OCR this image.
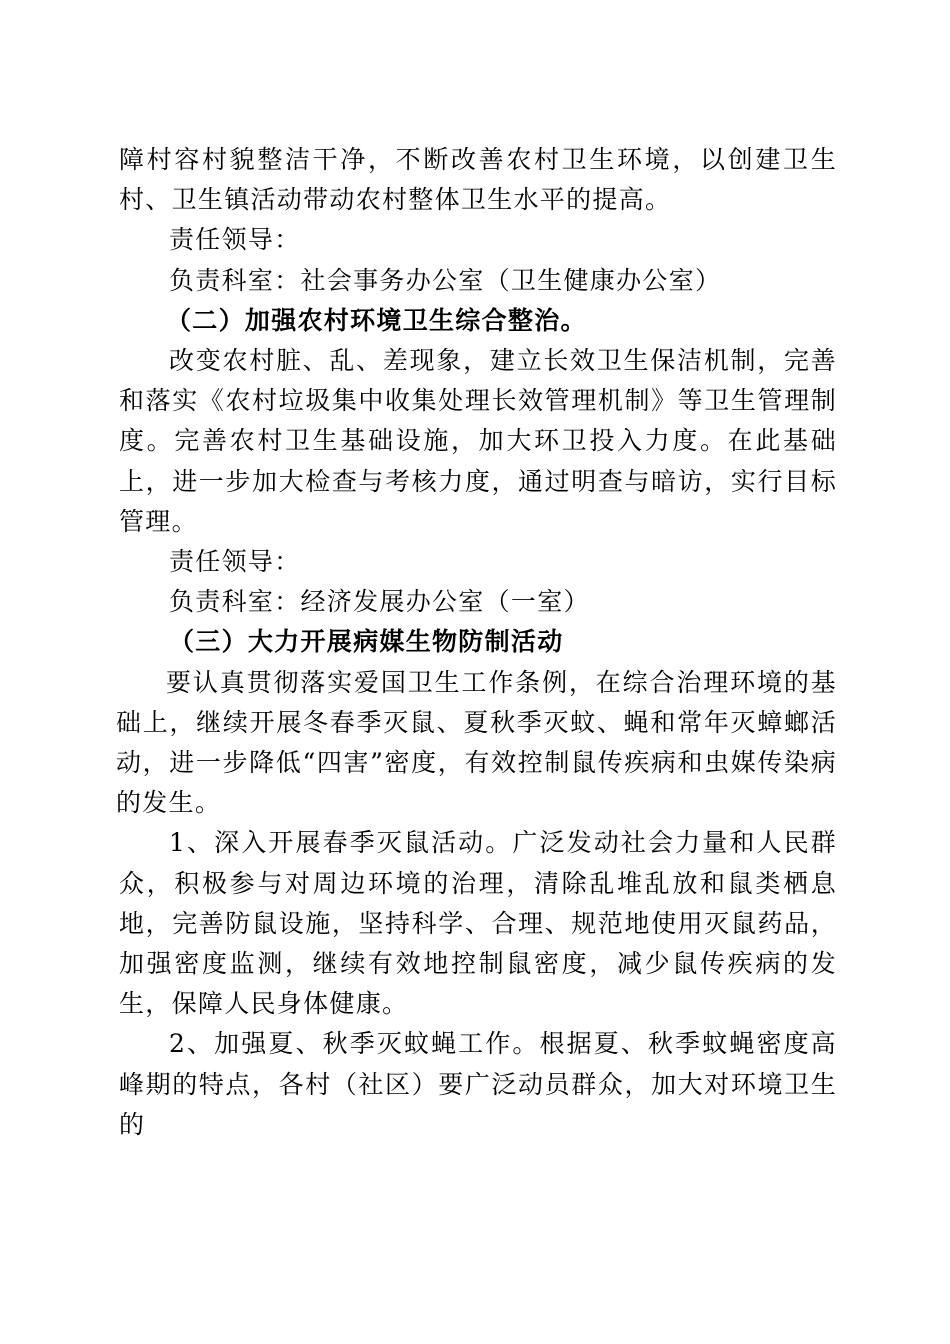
障村容村貌整洁干净，不断改善农村卫生环境，以创建卫生村、卫生镇活动带动农村整体卫生水平的提高。

责任领导：

负责科室：社会事务办公室（卫生健康办公室）

（二）加强农村环境卫生综合整治。

改变农村脏、乱、差现象，建立长效卫生保洁机制，完善和落实《农村垃圾集中收集处理长效管理机制》等卫生管理制度。完善农村卫生基础设施，加大环卫投入力度。在此基础上，进一步加大检查与考核力度，通过明查与暗访，实行目标管理。

责任领导：

负责科室：经济发展办公室（一室）

（三）大力开展病媒生物防制活动

要认真贯彻落实爱国卫生工作条例，在综合治理环境的基础上，继续开展冬春季灭鼠、夏秋季灭蚊、蝇和常年灭蟑螂活动，进一步降低“四害”密度，有效控制鼠传疾病和虫媒传染病的发生。

1、深入开展春季灭鼠活动。广泛发动社会力量和人民群众，积极参与对周边环境的治理，清除乱堆乱放和鼠类栖息地，完善防鼠设施，坚持科学、合理、规范地使用灭鼠药品，加强密度监测，继续有效地控制鼠密度，减少鼠传疾病的发生，保障人民身体健康。

2、加强夏、秋季灭蚊蝇工作。根据夏、秋季蚊蝇密度高峰期的特点，各村（社区）要广泛动员群众，加大对环境卫生的
